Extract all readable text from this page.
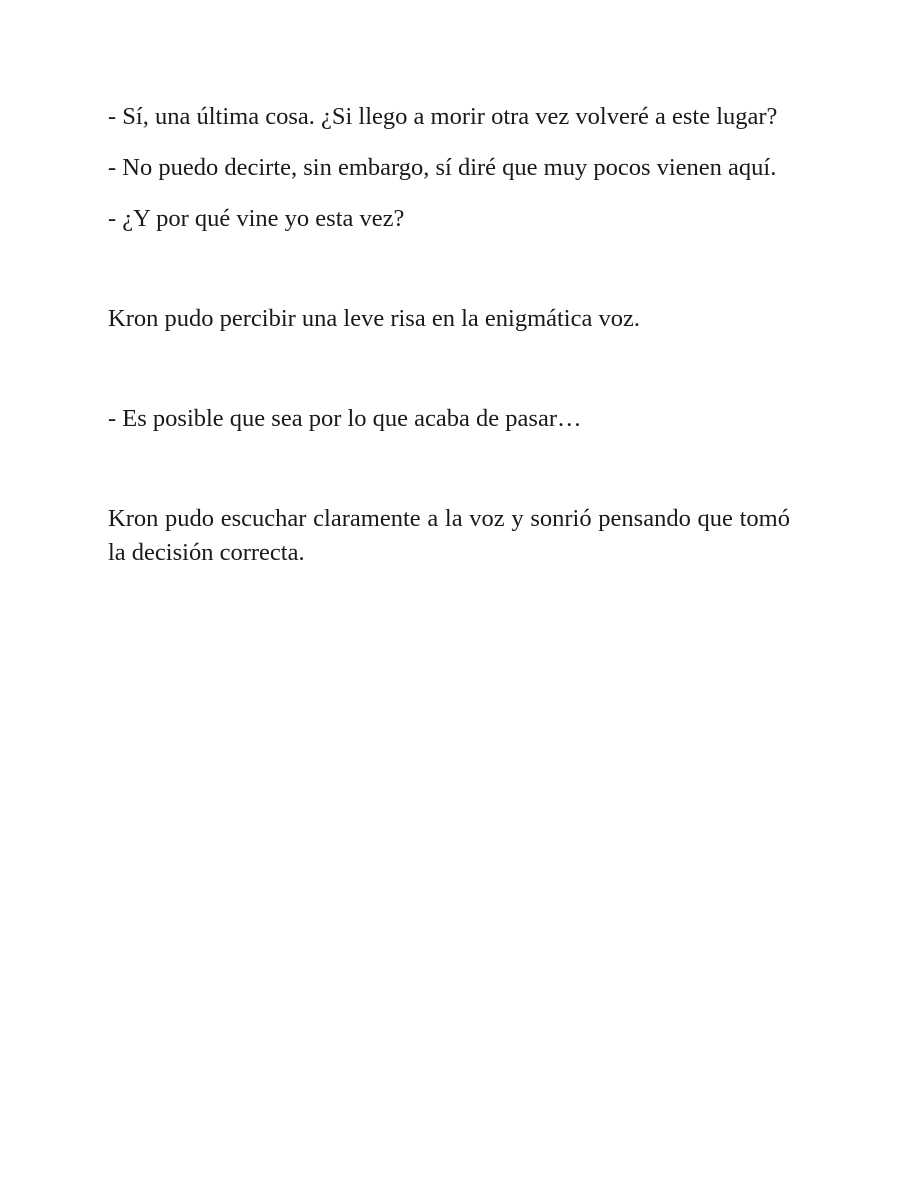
- Sí, una última cosa. ¿Si llego a morir otra vez volveré a este lugar?

- No puedo decirte, sin embargo, sí diré que muy pocos vienen aquí.

- ¿Y por qué vine yo esta vez?

Kron pudo percibir una leve risa en la enigmática voz.

- Es posible que sea por lo que acaba de pasar…

Kron pudo escuchar claramente a la voz y sonrió pensando que tomó la decisión correcta.
